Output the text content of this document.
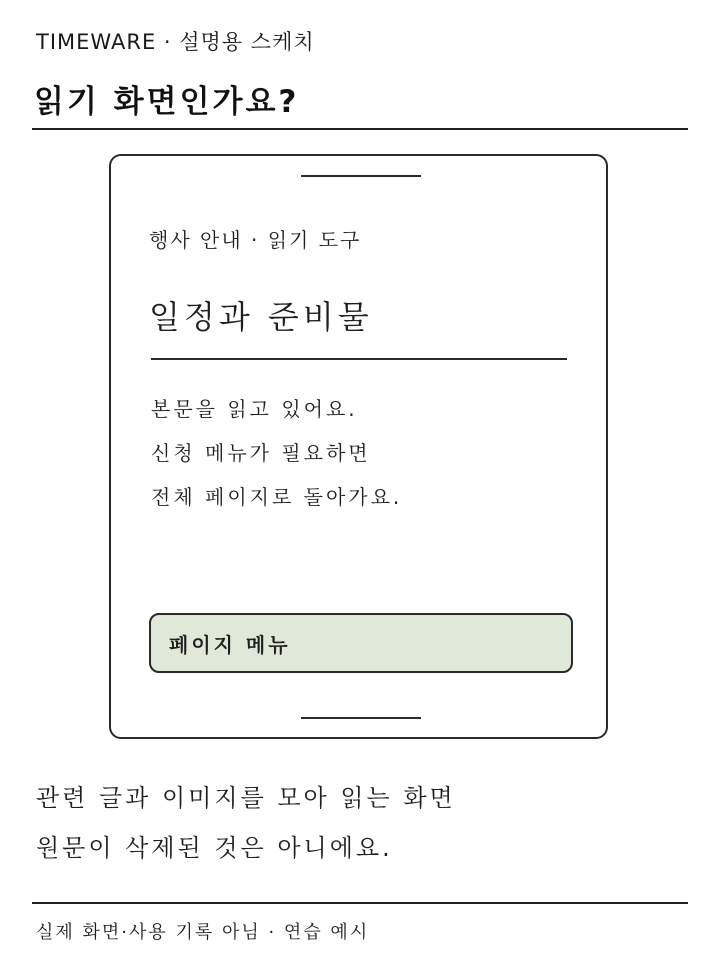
TIMEWARE · 설명용 스케치
읽기 화면인가요?
행사 안내 · 읽기 도구
일정과 준비물
본문을 읽고 있어요.
신청 메뉴가 필요하면
전체 페이지로 돌아가요.
페이지 메뉴
관련 글과 이미지를 모아 읽는 화면
원문이 삭제된 것은 아니에요.
실제 화면·사용 기록 아님 · 연습 예시
